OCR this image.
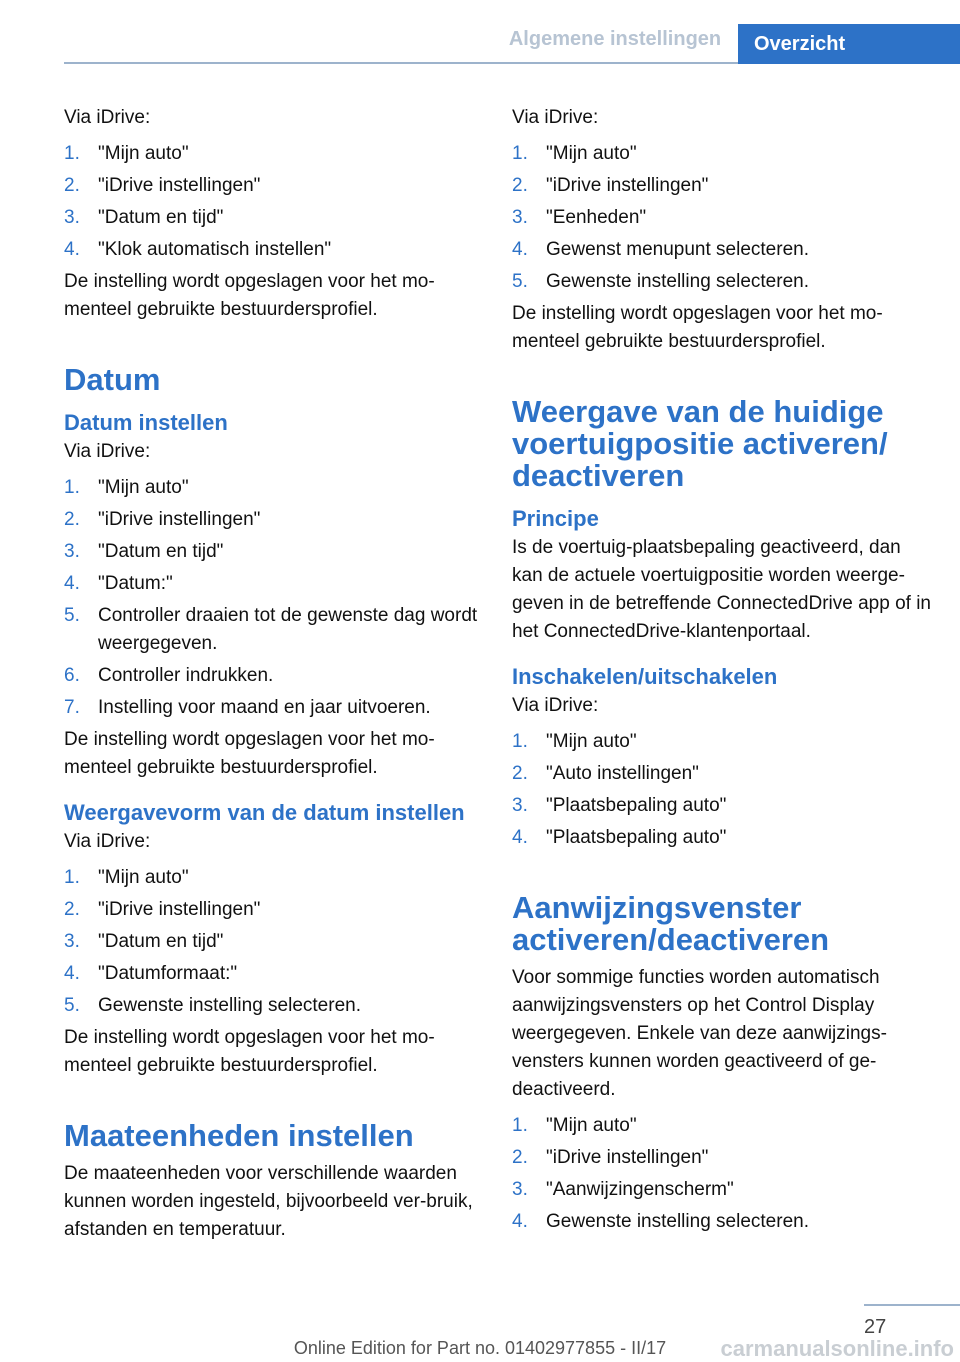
Algemene instellingen	Overzicht

Via iDrive:

1. "Mijn auto"
2. "iDrive instellingen"
3. "Datum en tijd"
4. "Klok automatisch instellen"

De instelling wordt opgeslagen voor het mo-menteel gebruikte bestuurdersprofiel.

Datum
Datum instellen

Via iDrive:

1. "Mijn auto"
2. "iDrive instellingen"
3. "Datum en tijd"
4. "Datum:"
5. Controller draaien tot de gewenste dag wordt weergegeven.
6. Controller indrukken.
7. Instelling voor maand en jaar uitvoeren.

De instelling wordt opgeslagen voor het mo-menteel gebruikte bestuurdersprofiel.

Weergavevorm van de datum instellen

Via iDrive:

1. "Mijn auto"
2. "iDrive instellingen"
3. "Datum en tijd"
4. "Datumformaat:"
5. Gewenste instelling selecteren.

De instelling wordt opgeslagen voor het mo-menteel gebruikte bestuurdersprofiel.

Maateenheden instellen

De maateenheden voor verschillende waarden kunnen worden ingesteld, bijvoorbeeld ver-bruik, afstanden en temperatuur.

Via iDrive:

1. "Mijn auto"
2. "iDrive instellingen"
3. "Eenheden"
4. Gewenst menupunt selecteren.
5. Gewenste instelling selecteren.

De instelling wordt opgeslagen voor het mo-menteel gebruikte bestuurdersprofiel.

Weergave van de huidige voertuigpositie activeren/ deactiveren
Principe

Is de voertuig-plaatsbepaling geactiveerd, dan kan de actuele voertuigpositie worden weerge-geven in de betreffende ConnectedDrive app of in het ConnectedDrive-klantenportaal.

Inschakelen/uitschakelen

Via iDrive:

1. "Mijn auto"
2. "Auto instellingen"
3. "Plaatsbepaling auto"
4. "Plaatsbepaling auto"
Aanwijzingsvenster activeren/deactiveren

Voor sommige functies worden automatisch aanwijzingsvensters op het Control Display weergegeven. Enkele van deze aanwijzings-vensters kunnen worden geactiveerd of ge-deactiveerd.

1. "Mijn auto"
2. "iDrive instellingen"
3. "Aanwijzingenscherm"
4. Gewenste instelling selecteren.
27
Online Edition for Part no. 01402977855 - II/17	carmanualsonline.info
